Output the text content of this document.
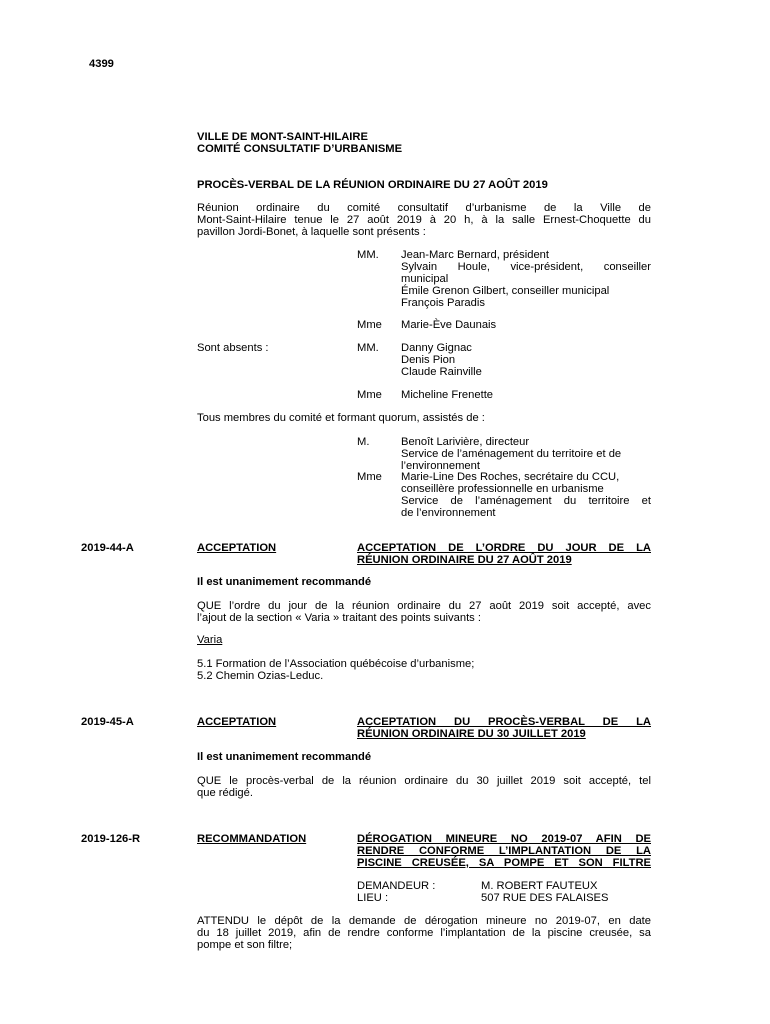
4399
VILLE DE MONT-SAINT-HILAIRE
COMITÉ CONSULTATIF D’URBANISME
PROCÈS-VERBAL DE LA RÉUNION ORDINAIRE DU 27 AOÛT 2019

Réunion ordinaire du comité consultatif d’urbanisme de la Ville de

Mont-Saint-Hilaire tenue le 27 août 2019 à 20 h, à la salle Ernest-Choquette du

pavillon Jordi-Bonet, à laquelle sont présents :

MM. Jean-Marc Bernard, président

Sylvain Houle, vice-président, conseiller

municipal

Émile Grenon Gilbert, conseiller municipal

François Paradis

Mme Marie-Ève Daunais
Sont absents :	MM. Danny Gignac

Denis Pion

Claude Rainville

Mme Micheline Frenette
Tous membres du comité et formant quorum, assistés de :
M.	Benoît Larivière, directeur

Service de l’aménagement du territoire et de

l’environnement

Mme Marie-Line Des Roches, secrétaire du CCU,

conseillère professionnelle en urbanisme

Service de l’aménagement du territoire et

de l’environnement

2019-44-A	ACCEPTATION	ACCEPTATION DE L’ORDRE DU JOUR DE LA

RÉUNION ORDINAIRE DU 27 AOÛT 2019

Il est unanimement recommandé

QUE l’ordre du jour de la réunion ordinaire du 27 août 2019 soit accepté, avec

l’ajout de la section « Varia » traitant des points suivants :

Varia

5.1 Formation de l’Association québécoise d’urbanisme;

5.2 Chemin Ozias-Leduc.

2019-45-A	ACCEPTATION	ACCEPTATION DU PROCÈS-VERBAL DE LA

RÉUNION ORDINAIRE DU 30 JUILLET 2019

Il est unanimement recommandé

QUE le procès-verbal de la réunion ordinaire du 30 juillet 2019 soit accepté, tel

que rédigé.

2019-126-R	RECOMMANDATION	DÉROGATION MINEURE NO 2019-07 AFIN DE

RENDRE CONFORME L’IMPLANTATION DE LA

PISCINE CREUSÉE, SA POMPE ET SON FILTRE

DEMANDEUR :	M. ROBERT FAUTEUX
LIEU :	507 RUE DES FALAISES

ATTENDU le dépôt de la demande de dérogation mineure no 2019-07, en date

du 18 juillet 2019, afin de rendre conforme l’implantation de la piscine creusée, sa

pompe et son filtre;
